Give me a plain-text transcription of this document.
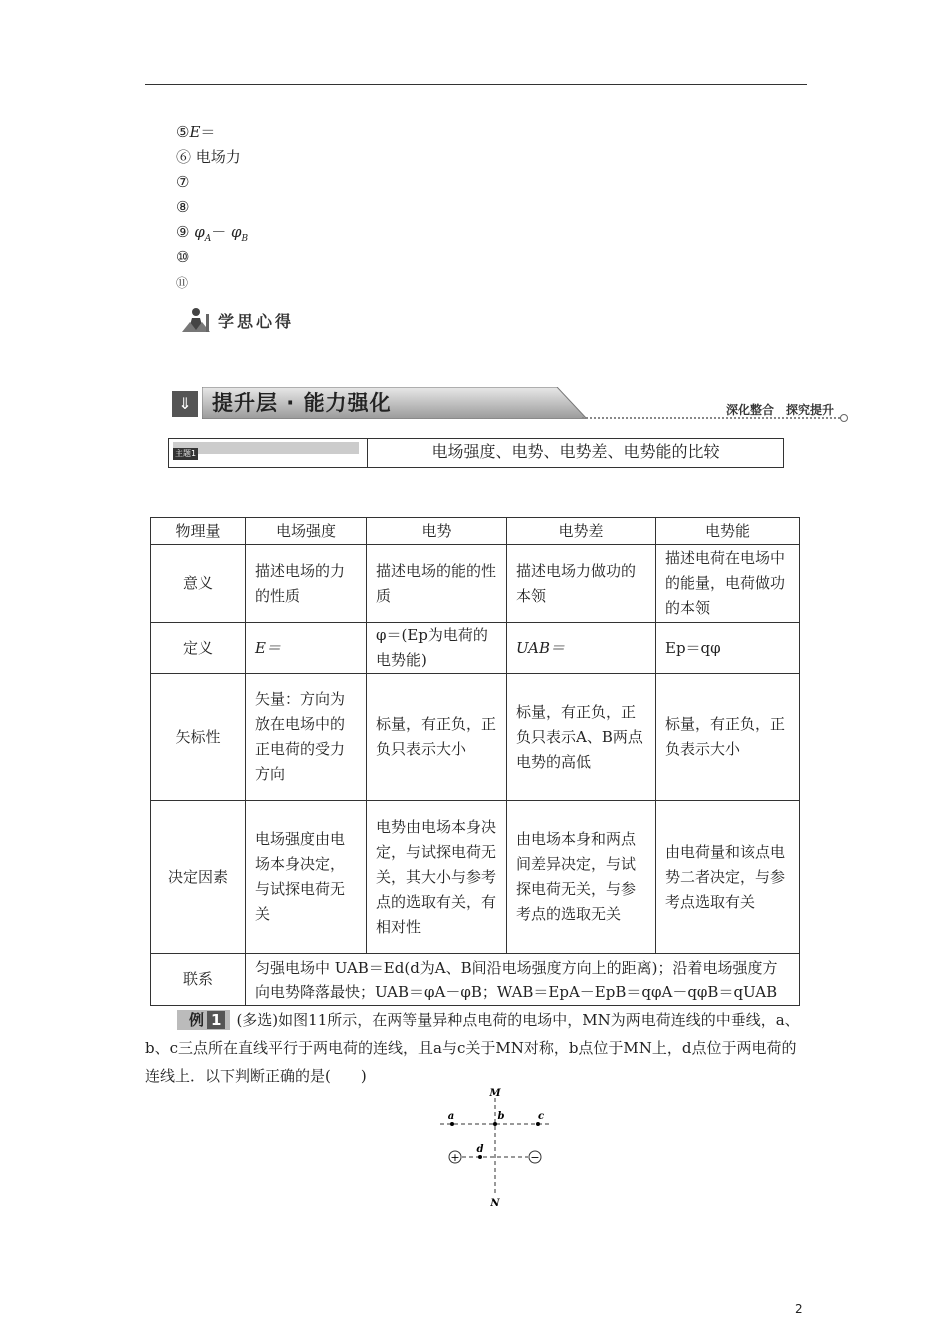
⑤E＝
⑥ 电场力
⑦
⑧
⑨ $\varphi_A- \varphi_B$
⑩
⑪
学思心得
⇓ 提升层 · 能力强化	深化整合　探究提升
主题1	电场强度、电势、电势差、电势能的比较
物理量	电场强度	电势	电势差	电势能
意义	描述电场的力的性质	描述电场的能的性质	描述电场力做功的本领	描述电荷在电场中的能量，电荷做功的本领
定义	E＝	φ＝(Ep为电荷的电势能)	UAB＝	Ep＝qφ
矢标性	矢量：方向为放在电场中的正电荷的受力方向	标量，有正负，正负只表示大小	标量，有正负，正负只表示A、B两点电势的高低	标量，有正负，正负表示大小
决定因素	电场强度由电场本身决定，与试探电荷无关	电势由电场本身决定，与试探电荷无关，其大小与参考点的选取有关，有相对性	由电场本身和两点间差异决定，与试探电荷无关，与参考点的选取无关	由电荷量和该点电势二者决定，与参考点选取有关
联系	匀强电场中 UAB＝Ed(d为A、B间沿电场强度方向上的距离)；沿着电场强度方向电势降落最快；UAB＝φA－φB；WAB＝EpA－EpB＝qφA－qφB＝qUAB			
例 1 (多选)如图11所示，在两等量异种点电荷的电场中，MN为两电荷连线的中垂线，a、b、c三点所在直线平行于两电荷的连线，且a与c关于MN对称，b点位于MN上，d点位于两电荷的连线上．以下判断正确的是(　　)
+	−
M
N
a	b	c
d
2
